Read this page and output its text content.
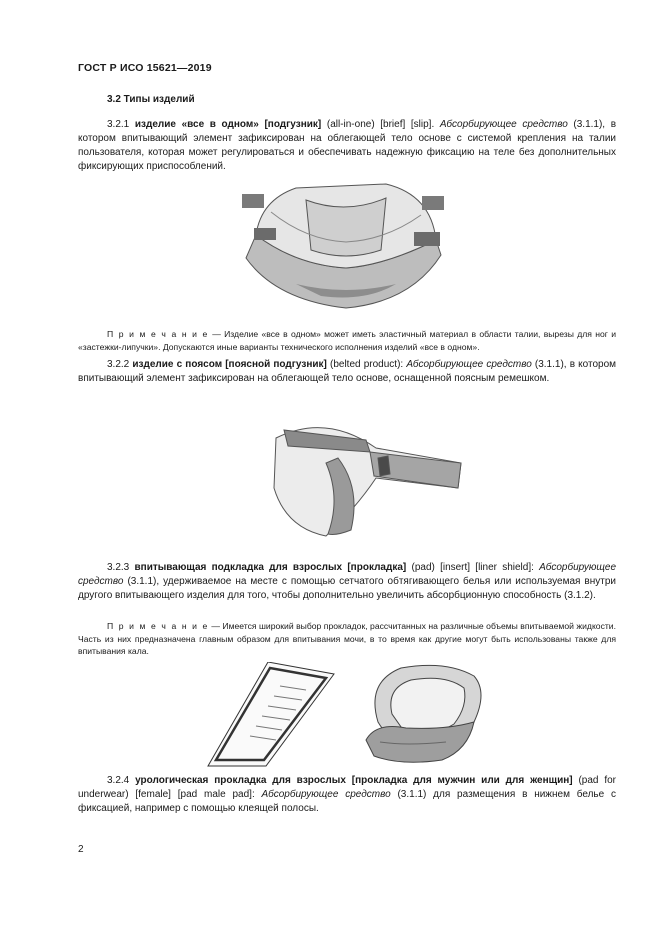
ГОСТ Р ИСО 15621—2019
3.2 Типы изделий
3.2.1 изделие «все в одном» [подгузник] (all-in-one) [brief] [slip]. Абсорбирующее средство (3.1.1), в котором впитывающий элемент зафиксирован на облегающей тело основе с системой крепления на талии пользователя, которая может регулироваться и обеспечивать надежную фиксацию на теле без дополнительных фиксирующих приспособлений.
П р и м е ч а н и е — Изделие «все в одном» может иметь эластичный материал в области талии, вырезы для ног и «застежки-липучки». Допускаются иные варианты технического исполнения изделий «все в одном».
3.2.2 изделие с поясом [поясной подгузник] (belted product): Абсорбирующее средство (3.1.1), в котором впитывающий элемент зафиксирован на облегающей тело основе, оснащенной поясным ремешком.
3.2.3 впитывающая подкладка для взрослых [прокладка] (pad) [insert] [liner shield]: Абсорбирующее средство (3.1.1), удерживаемое на месте с помощью сетчатого обтягивающего белья или используемая внутри другого впитывающего изделия для того, чтобы дополнительно увеличить абсорбционную способность (3.1.2).
П р и м е ч а н и е — Имеется широкий выбор прокладок, рассчитанных на различные объемы впитываемой жидкости. Часть из них предназначена главным образом для впитывания мочи, в то время как другие могут быть использованы также для впитывания кала.
3.2.4 урологическая прокладка для взрослых [прокладка для мужчин или для женщин] (pad for underwear) [female] [pad male pad]: Абсорбирующее средство (3.1.1) для размещения в нижнем белье с фиксацией, например с помощью клеящей полосы.
2
